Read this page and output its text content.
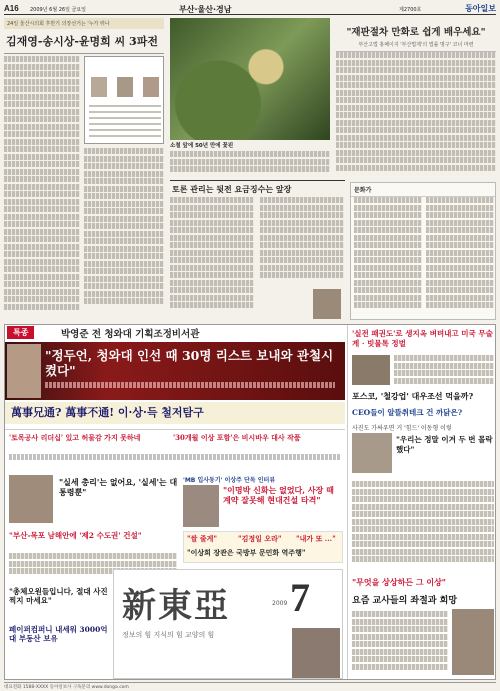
A16 2009년 6월 26일 금요일	부산·울산·경남	제2700호	동아일보
24일 울산시의회 후반기 의장선거는 '누가 뛰나
김재영-송시상-윤명희 씨 3파전
소철 앞에 50년 만에 꽃핀
"재판절차 만화로 쉽게 배우세요"
부산고법 홍페이지 '부산법제'의 법률 명구' 코너 마련
토론 관리는 뒷전 요금징수는 앞장	문화가
특종	박영준 전 청와대 기획조정비서관
"정두언, 청와대 인선 때 30명 리스트 보내와 관철시켰다"
萬事兄通? 萬事不通! 이·상·득 철저탐구
'토목공사 리더십' 있고 허물감 가지 못하네	'30개월 이상 포함'은 비시바우 대사 작품
"실세 총리'는 없어요, '실세'는 대통령뿐"
'MB 입사동기' 이상주 단독 인터뷰
"이명박 신화는 없었다, 사장 때 계약 잘못해 현대건설 타격"
"쌀 줄게"	"김정일 오라" "내가 또 ..."
"이상희 장관은 국방부 문민화 역주행"
"부산-목포 남해안에 '제2 수도권' 건설"
"총체오원들입니다, 절대 사진 찍지 마세요"
페이퍼컴퍼니 내세워 3000억대 부동산 보유
新東亞 7
2009
정보의 힘 지식의 힘 교양의 힘
'실전 패권도'로 생지옥 벼텨내고 미국 무술계 · 빗물톡 정벌
포스코, '철강업' 대우조선 먹을까?
CEO들이 알뜰취테크 건 까닭은?
사진도 가싸우면 거 '힘드' 이동형 이렇
"우리는 정말 이겨 두 번 몰락했다"
"무엇을 상상하든 그 이상"
요즘 교사들의 좌절과 희망
대표전화 1588-XXXX 동아일보사 구독문의 www.donga.com
